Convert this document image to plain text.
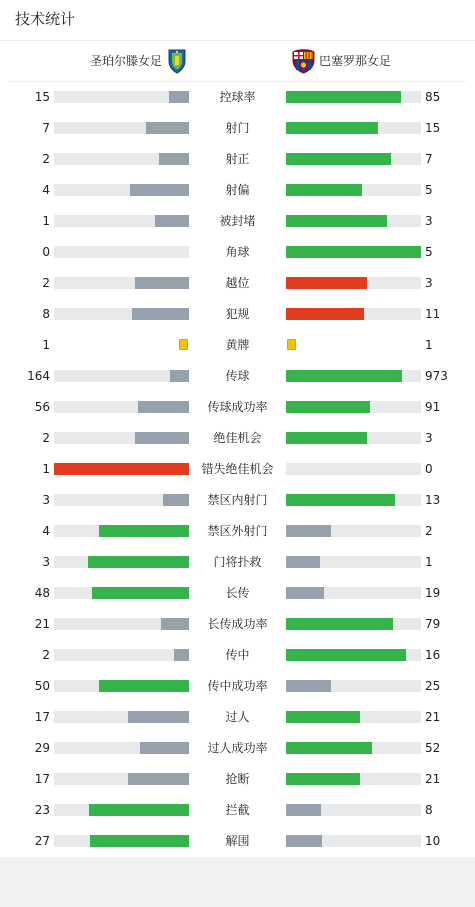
技术统计
圣珀尔滕女足	巴塞罗那女足
15	控球率	85
7	射门	15
2	射正	7
4	射偏	5
1	被封堵	3
0	角球	5
2	越位	3
8	犯规	11
1	黄牌	1
164	传球	973
56	传球成功率	91
2	绝佳机会	3
1	错失绝佳机会	0
3	禁区内射门	13
4	禁区外射门	2
3	门将扑救	1
48	长传	19
21	长传成功率	79
2	传中	16
50	传中成功率	25
17	过人	21
29	过人成功率	52
17	抢断	21
23	拦截	8
27	解围	10
